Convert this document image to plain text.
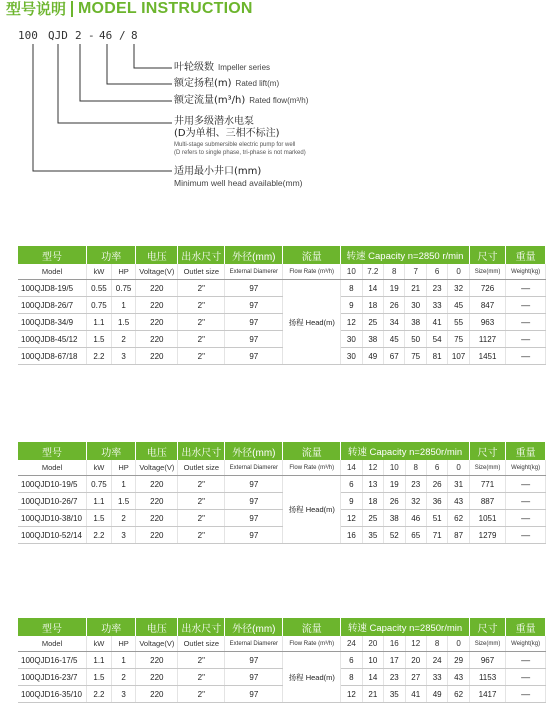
型号说明 MODEL INSTRUCTION
100 QJD 2 - 46 / 8
叶轮级数 Impeller series
额定扬程(m) Rated lift(m)
额定流量(m³/h) Rated flow(m³/h)
井用多级潜水电泵
(D为单相、三相不标注)
Multi-stage submersible electric pump for well
(D refers to single phase, tri-phase is not marked)
适用最小井口(mm)
Minimum well head available(mm)
型号	功率		电压	出水尺寸	外径(mm)	流量	转速 Capacity n=2850 r/min						尺寸	重量
Model	kW	HP	Voltage(V)	Outlet size	External Diamerer	Flow Rate (m³/h)	10	7.2	8	7	6	0	Size(mm)	Weight(kg)
100QJD8-19/5	0.55	0.75	220	2"	97	扬程 Head(m)	8	14	19	21	23	32	726	—
100QJD8-26/7	0.75	1	220	2"	97		9	18	26	30	33	45	847	—
100QJD8-34/9	1.1	1.5	220	2"	97		12	25	34	38	41	55	963	—
100QJD8-45/12	1.5	2	220	2"	97		30	38	45	50	54	75	1127	—
100QJD8-67/18	2.2	3	220	2"	97		30	49	67	75	81	107	1451	—
型号	功率		电压	出水尺寸	外径(mm)	流量	转速 Capacity n=2850r/min						尺寸	重量
Model	kW	HP	Voltage(V)	Outlet size	External Diamerer	Flow Rate (m³/h)	14	12	10	8	6	0	Size(mm)	Weight(kg)
100QJD10-19/5	0.75	1	220	2"	97	扬程 Head(m)	6	13	19	23	26	31	771	—
100QJD10-26/7	1.1	1.5	220	2"	97		9	18	26	32	36	43	887	—
100QJD10-38/10	1.5	2	220	2"	97		12	25	38	46	51	62	1051	—
100QJD10-52/14	2.2	3	220	2"	97		16	35	52	65	71	87	1279	—
型号	功率		电压	出水尺寸	外径(mm)	流量	转速 Capacity n=2850r/min						尺寸	重量
Model	kW	HP	Voltage(V)	Outlet size	External Diamerer	Flow Rate (m³/h)	24	20	16	12	8	0	Size(mm)	Weight(kg)
100QJD16-17/5	1.1	1	220	2"	97	扬程 Head(m)	6	10	17	20	24	29	967	—
100QJD16-23/7	1.5	2	220	2"	97		8	14	23	27	33	43	1153	—
100QJD16-35/10	2.2	3	220	2"	97		12	21	35	41	49	62	1417	—
